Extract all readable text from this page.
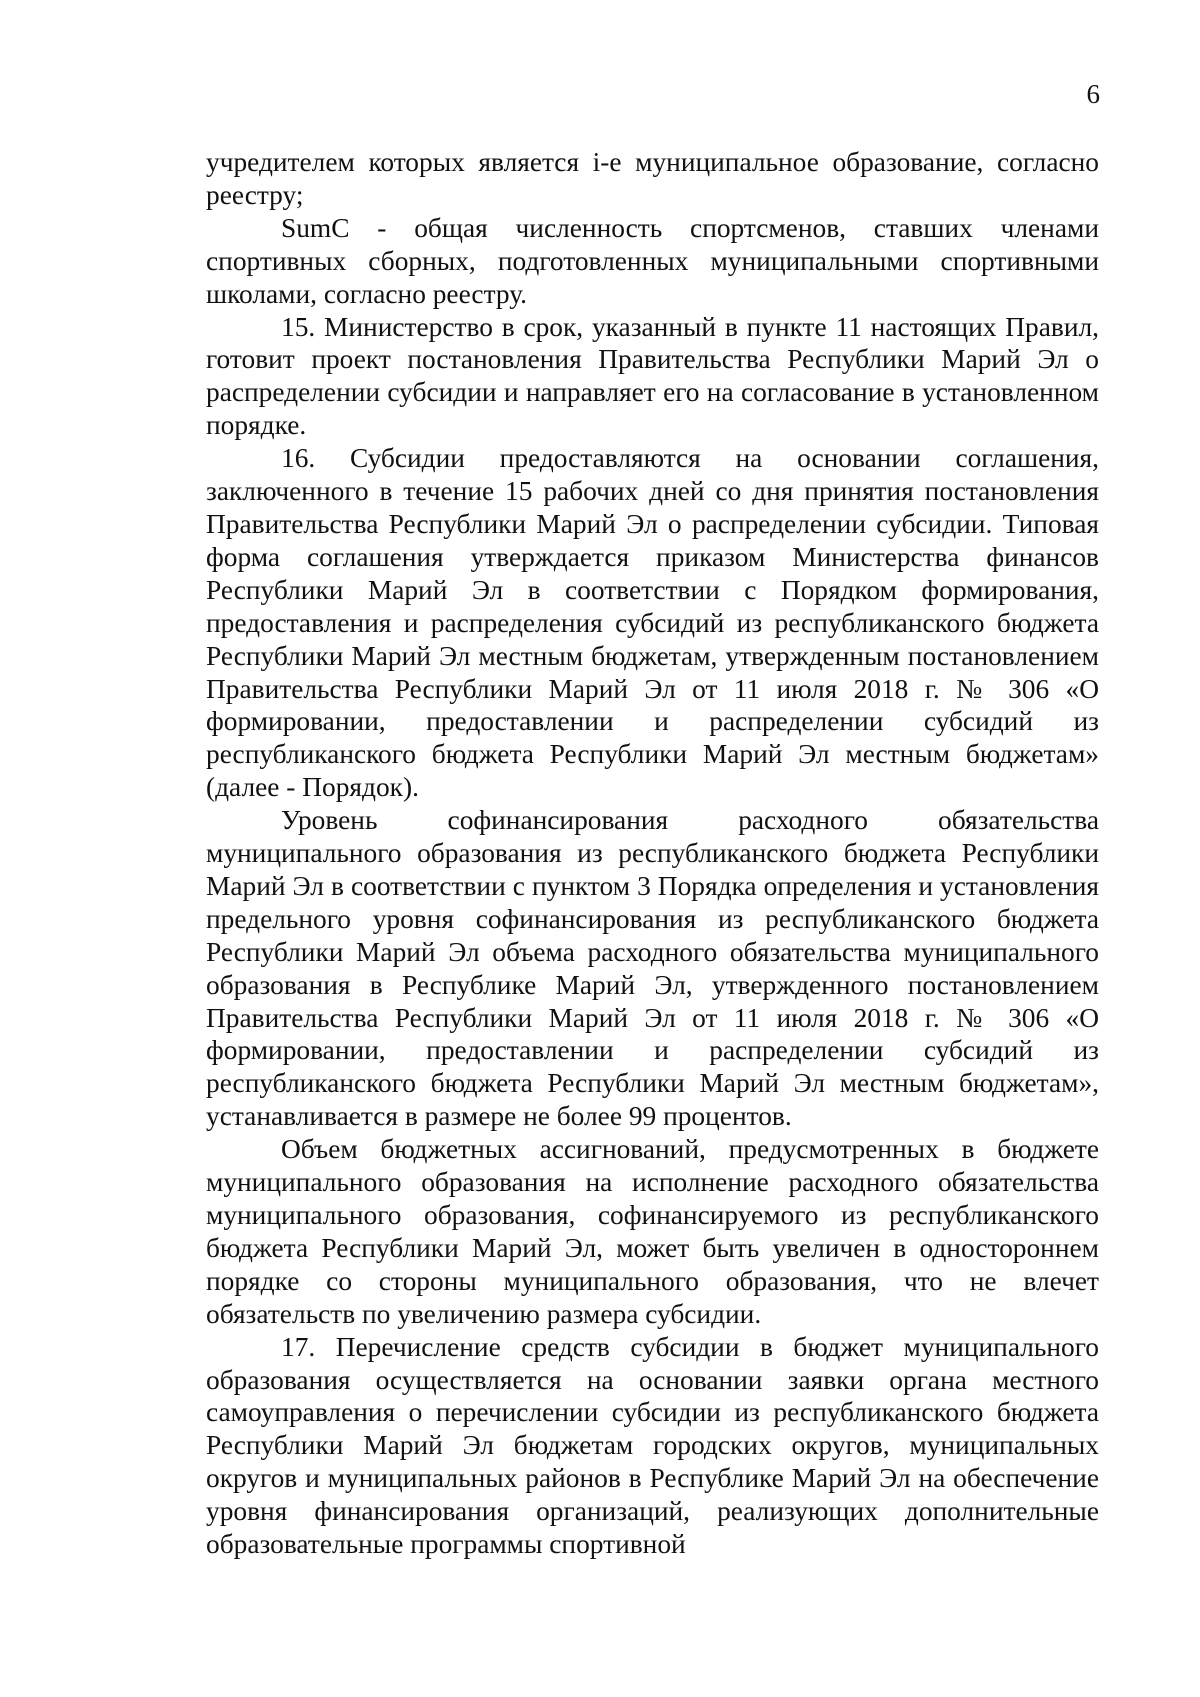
6

учредителем которых является i-е муниципальное образование, согласно реестру;

SumC - общая численность спортсменов, ставших членами спортивных сборных, подготовленных муниципальными спортивными школами, согласно реестру.

15. Министерство в срок, указанный в пункте 11 настоящих Правил, готовит проект постановления Правительства Республики Марий Эл о распределении субсидии и направляет его на согласование в установленном порядке.

16. Субсидии предоставляются на основании соглашения, заключенного в течение 15 рабочих дней со дня принятия постановления Правительства Республики Марий Эл о распределении субсидии. Типовая форма соглашения утверждается приказом Министерства финансов Республики Марий Эл в соответствии с Порядком формирования, предоставления и распределения субсидий из республиканского бюджета Республики Марий Эл местным бюджетам, утвержденным постановлением Правительства Республики Марий Эл от 11 июля 2018 г. № 306 «О формировании, предоставлении и распределении субсидий из республиканского бюджета Республики Марий Эл местным бюджетам» (далее - Порядок).

Уровень софинансирования расходного обязательства муниципального образования из республиканского бюджета Республики Марий Эл в соответствии с пунктом 3 Порядка определения и установления предельного уровня софинансирования из республиканского бюджета Республики Марий Эл объема расходного обязательства муниципального образования в Республике Марий Эл, утвержденного постановлением Правительства Республики Марий Эл от 11 июля 2018 г. № 306 «О формировании, предоставлении и распределении субсидий из республиканского бюджета Республики Марий Эл местным бюджетам», устанавливается в размере не более 99 процентов.

Объем бюджетных ассигнований, предусмотренных в бюджете муниципального образования на исполнение расходного обязательства муниципального образования, софинансируемого из республиканского бюджета Республики Марий Эл, может быть увеличен в одностороннем порядке со стороны муниципального образования, что не влечет обязательств по увеличению размера субсидии.

17. Перечисление средств субсидии в бюджет муниципального образования осуществляется на основании заявки органа местного самоуправления о перечислении субсидии из республиканского бюджета Республики Марий Эл бюджетам городских округов, муниципальных округов и муниципальных районов в Республике Марий Эл на обеспечение уровня финансирования организаций, реализующих дополнительные образовательные программы спортивной
